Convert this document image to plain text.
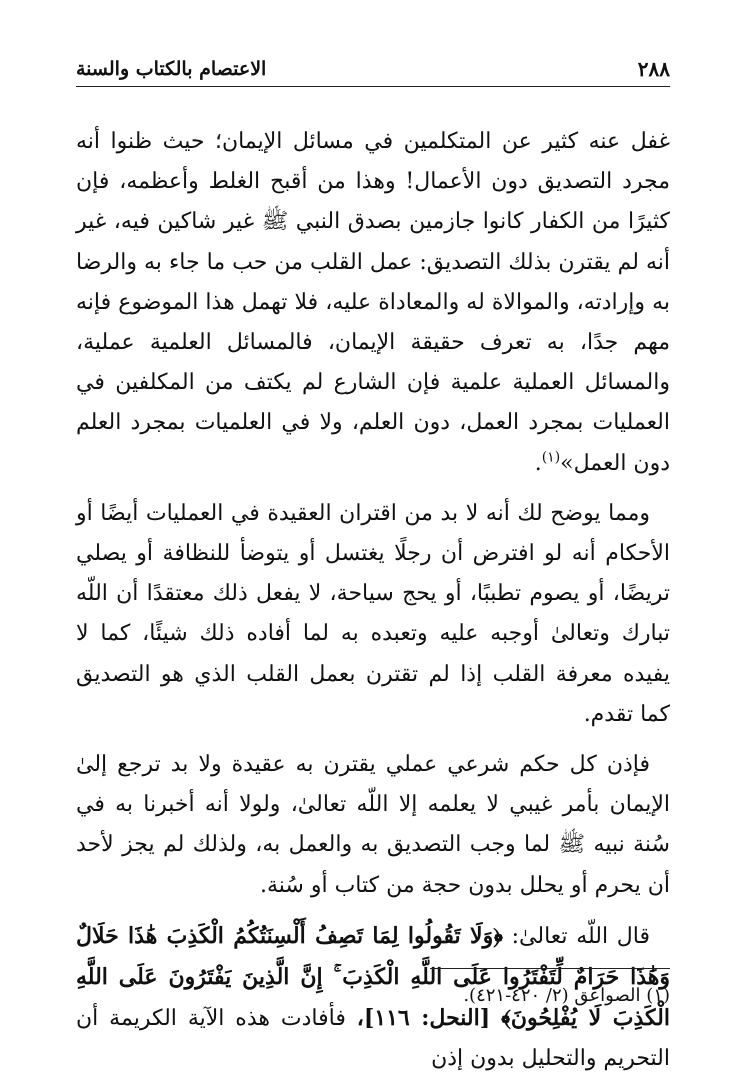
٢٨٨
الاعتصام بالكتاب والسنة

غفل عنه كثير عن المتكلمين في مسائل الإيمان؛ حيث ظنوا أنه مجرد التصديق دون الأعمال! وهذا من أقبح الغلط وأعظمه، فإن كثيرًا من الكفار كانوا جازمين بصدق النبي ﷺ غير شاكين فيه، غير أنه لم يقترن بذلك التصديق: عمل القلب من حب ما جاء به والرضا به وإرادته، والموالاة له والمعاداة عليه، فلا تهمل هذا الموضوع فإنه مهم جدًا، به تعرف حقيقة الإيمان، فالمسائل العلمية عملية، والمسائل العملية علمية فإن الشارع لم يكتف من المكلفين في العمليات بمجرد العمل، دون العلم، ولا في العلميات بمجرد العلم دون العمل»$^{(١)}$.

ومما يوضح لك أنه لا بد من اقتران العقيدة في العمليات أيضًا أو الأحكام أنه لو افترض أن رجلًا يغتسل أو يتوضأ للنظافة أو يصلي تريضًا، أو يصوم تطببًا، أو يحج سياحة، لا يفعل ذلك معتقدًا أن اللّه تبارك وتعالىٰ أوجبه عليه وتعبده به لما أفاده ذلك شيئًا، كما لا يفيده معرفة القلب إذا لم تقترن بعمل القلب الذي هو التصديق كما تقدم.

فإذن كل حكم شرعي عملي يقترن به عقيدة ولا بد ترجع إلىٰ الإيمان بأمر غيبي لا يعلمه إلا اللّه تعالىٰ، ولولا أنه أخبرنا به في سُنة نبيه ﷺ لما وجب التصديق به والعمل به، ولذلك لم يجز لأحد أن يحرم أو يحلل بدون حجة من كتاب أو سُنة.

قال اللّه تعالىٰ: ﴿وَلَا تَقُولُوا لِمَا تَصِفُ أَلْسِنَتُكُمُ الْكَذِبَ هَٰذَا حَلَالٌ وَهَٰذَا حَرَامٌ لِّتَفْتَرُوا عَلَى اللَّهِ الْكَذِبَ ۚ إِنَّ الَّذِينَ يَفْتَرُونَ عَلَى اللَّهِ الْكَذِبَ لَا يُفْلِحُونَ﴾ [النحل: ١١٦]، فأفادت هذه الآية الكريمة أن التحريم والتحليل بدون إذن

(١) الصواعق (٢/ ٤٢٠-٤٢١).
